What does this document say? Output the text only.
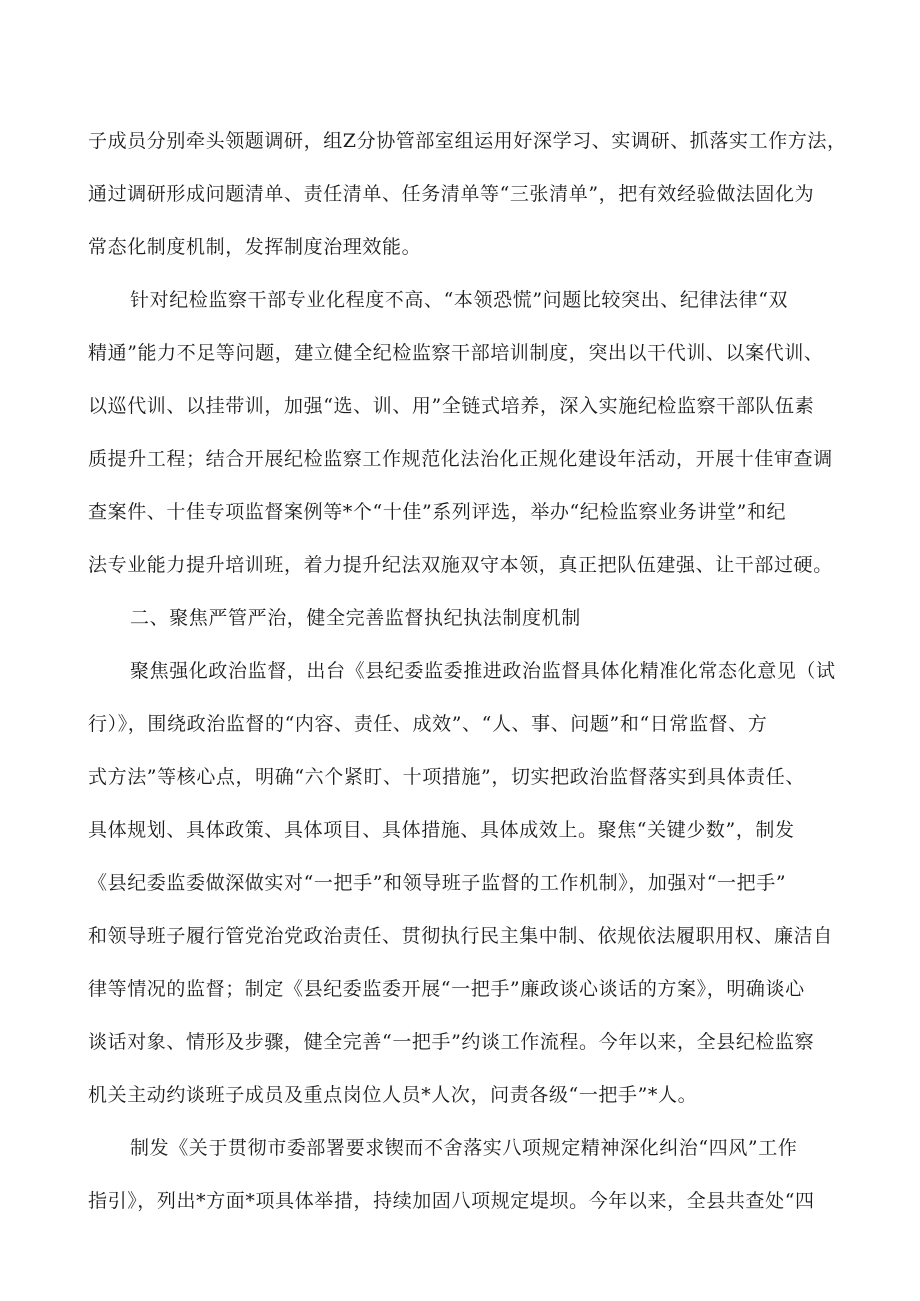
子成员分别牵头领题调研，组Z分协管部室组运用好深学习、实调研、抓落实工作方法，
通过调研形成问题清单、责任清单、任务清单等“三张清单”，把有效经验做法固化为
常态化制度机制，发挥制度治理效能。
针对纪检监察干部专业化程度不高、“本领恐慌”问题比较突出、纪律法律“双
精通”能力不足等问题，建立健全纪检监察干部培训制度，突出以干代训、以案代训、
以巡代训、以挂带训，加强“选、训、用”全链式培养，深入实施纪检监察干部队伍素
质提升工程；结合开展纪检监察工作规范化法治化正规化建设年活动，开展十佳审查调
查案件、十佳专项监督案例等*个“十佳”系列评选，举办“纪检监察业务讲堂”和纪
法专业能力提升培训班，着力提升纪法双施双守本领，真正把队伍建强、让干部过硬。
二、聚焦严管严治，健全完善监督执纪执法制度机制
聚焦强化政治监督，出台《县纪委监委推进政治监督具体化精准化常态化意见（试
行）》，围绕政治监督的“内容、责任、成效”、“人、事、问题”和“日常监督、方
式方法”等核心点，明确“六个紧盯、十项措施”，切实把政治监督落实到具体责任、
具体规划、具体政策、具体项目、具体措施、具体成效上。聚焦“关键少数”，制发
《县纪委监委做深做实对“一把手”和领导班子监督的工作机制》，加强对“一把手”
和领导班子履行管党治党政治责任、贯彻执行民主集中制、依规依法履职用权、廉洁自
律等情况的监督；制定《县纪委监委开展“一把手”廉政谈心谈话的方案》，明确谈心
谈话对象、情形及步骤，健全完善“一把手”约谈工作流程。今年以来，全县纪检监察
机关主动约谈班子成员及重点岗位人员*人次，问责各级“一把手”*人。
制发《关于贯彻市委部署要求锲而不舍落实八项规定精神深化纠治“四风”工作
指引》，列出*方面*项具体举措，持续加固八项规定堤坝。今年以来，全县共查处“四
